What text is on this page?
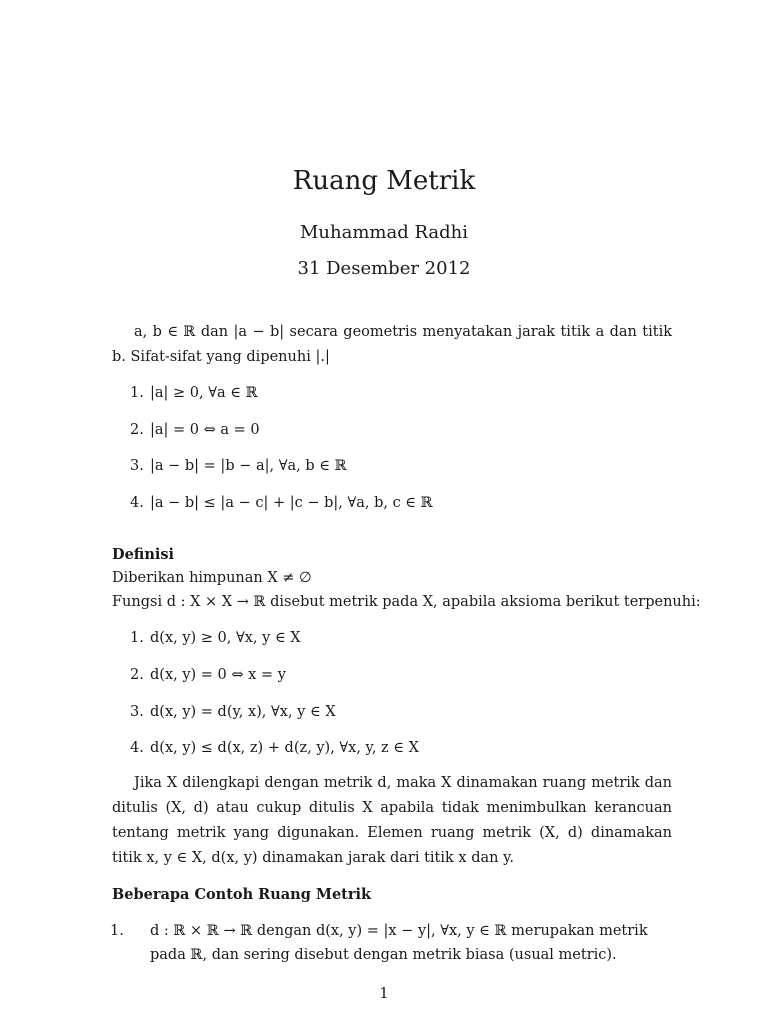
Ruang Metrik
Muhammad Radhi
31 Desember 2012
a, b ∈ ℝ dan |a − b| secara geometris menyatakan jarak titik a dan titik b. Sifat-sifat yang dipenuhi |.|
1. |a| ≥ 0, ∀a ∈ ℝ
2. |a| = 0 ⇔ a = 0
3. |a − b| = |b − a|, ∀a, b ∈ ℝ
4. |a − b| ≤ |a − c| + |c − b|, ∀a, b, c ∈ ℝ
Definisi
Diberikan himpunan X ≠ ∅
Fungsi d : X × X → ℝ disebut metrik pada X, apabila aksioma berikut terpenuhi:
1. d(x, y) ≥ 0, ∀x, y ∈ X
2. d(x, y) = 0 ⇔ x = y
3. d(x, y) = d(y, x), ∀x, y ∈ X
4. d(x, y) ≤ d(x, z) + d(z, y), ∀x, y, z ∈ X
Jika X dilengkapi dengan metrik d, maka X dinamakan ruang metrik dan ditulis (X, d) atau cukup ditulis X apabila tidak menimbulkan kerancuan tentang metrik yang digunakan. Elemen ruang metrik (X, d) dinamakan titik x, y ∈ X, d(x, y) dinamakan jarak dari titik x dan y.
Beberapa Contoh Ruang Metrik
1. d : ℝ × ℝ → ℝ dengan d(x, y) = |x − y|, ∀x, y ∈ ℝ merupakan metrik pada ℝ, dan sering disebut dengan metrik biasa (usual metric).
1
